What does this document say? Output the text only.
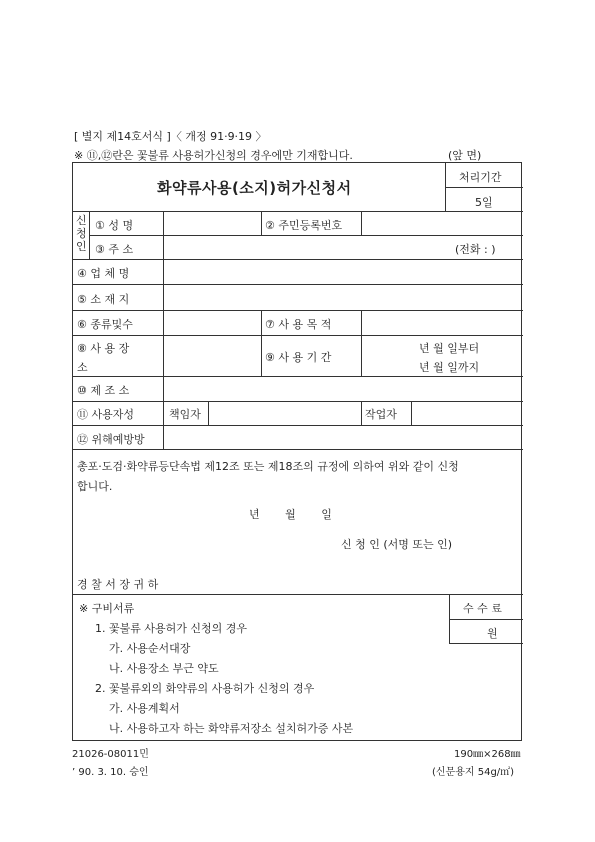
[ 별지 제14호서식 ]〈 개정 91·9·19 〉
※ ⑪,⑫란은 꽃불류 사용허가신청의 경우에만 기재합니다.	(앞 면)
화약류사용(소지)허가신청서
처리기간
5일
신청인
① 성 명	② 주민등록번호
③ 주 소	(전화 : )
④ 업 체 명
⑤ 소 재 지
⑥ 종류및수	⑦ 사 용 목 적
⑧ 사 용 장
소
⑨ 사 용 기 간
년 월 일부터
년 월 일까지
⑩ 제 조 소
⑪ 사용자성	책임자	작업자
⑫ 위해예방방
총포·도검·화약류등단속법 제12조 또는 제18조의 규정에 의하여 위와 같이 신청
합니다.
년 월 일
신 청 인 (서명 또는 인)
경 찰 서 장 귀 하
※ 구비서류	수 수 료
원
1. 꽃불류 사용허가 신청의 경우
가. 사용순서대장
나. 사용장소 부근 약도
2. 꽃불류외의 화약류의 사용허가 신청의 경우
가. 사용계획서
나. 사용하고자 하는 화약류저장소 설치허가증 사본
21026-08011민
’ 90. 3. 10. 승인
190㎜×268㎜
(신문용지 54g/㎡)
